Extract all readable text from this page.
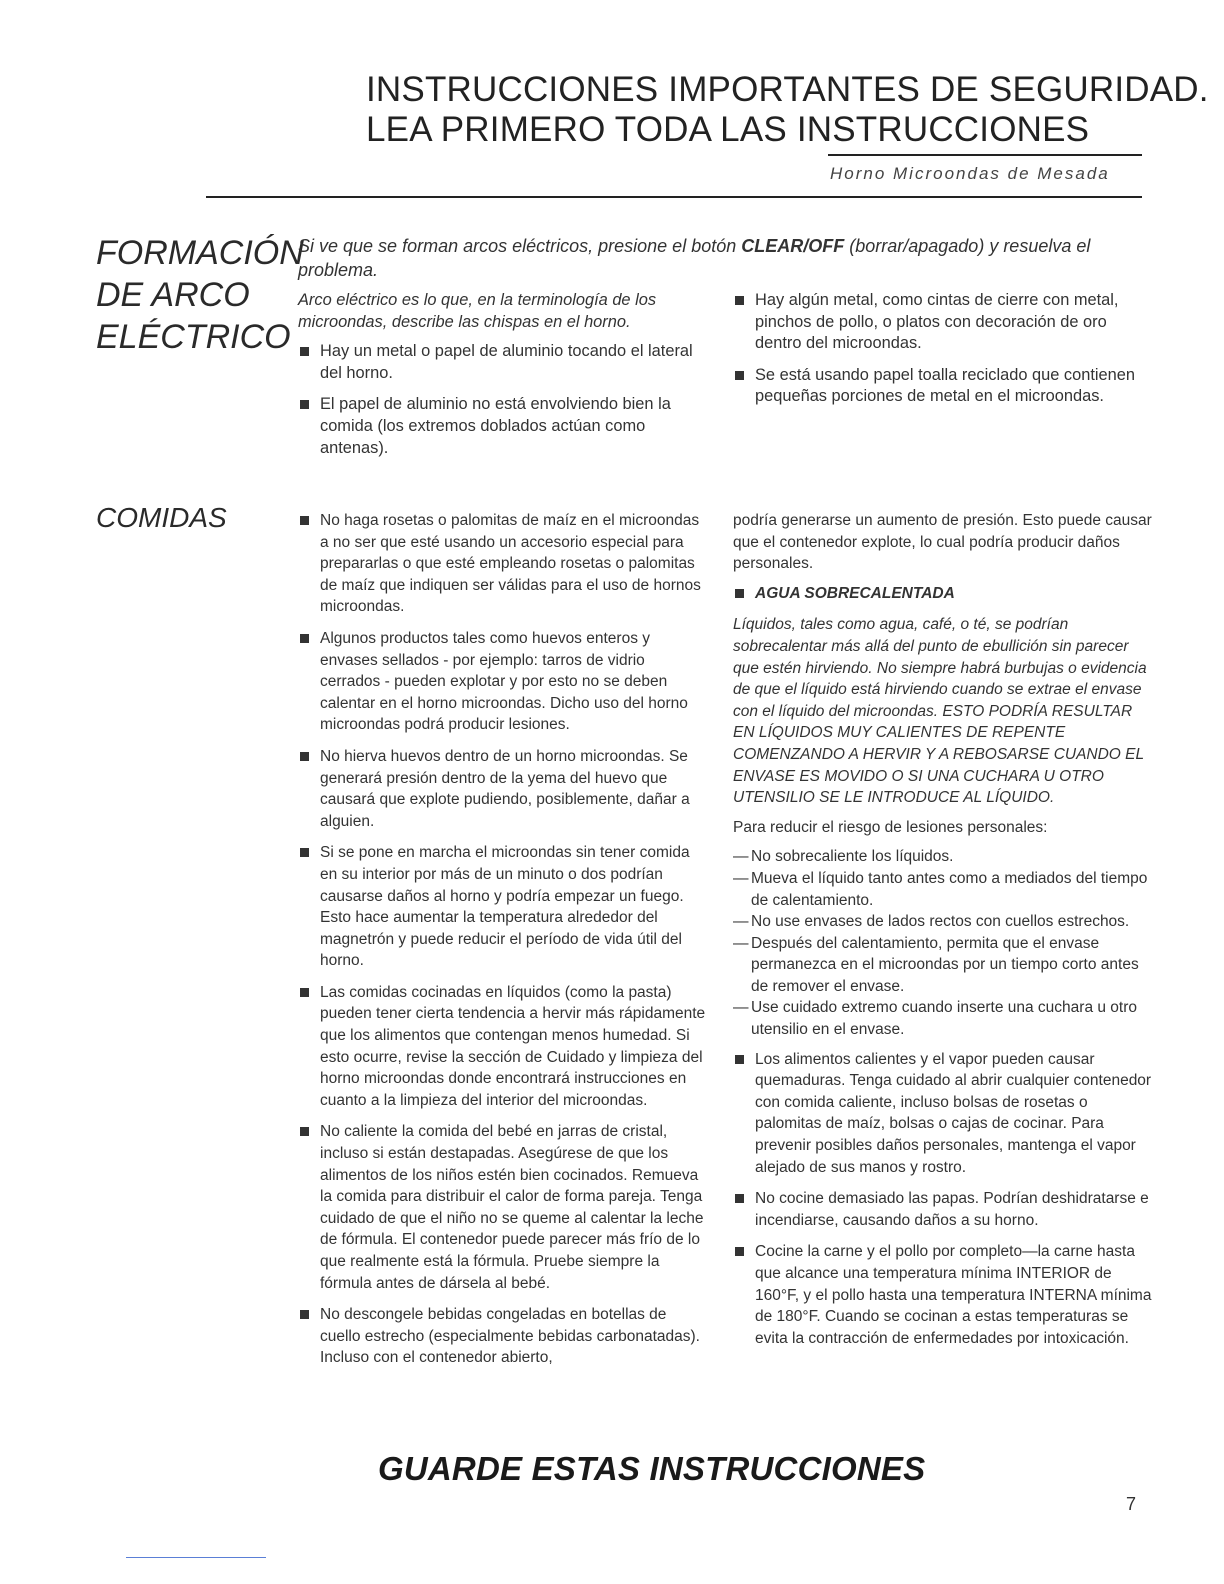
INSTRUCCIONES IMPORTANTES DE SEGURIDAD.
LEA PRIMERO TODA LAS INSTRUCCIONES
Horno Microondas de Mesada
FORMACIÓN
DE ARCO
ELÉCTRICO
Si ve que se forman arcos eléctricos, presione el botón CLEAR/OFF (borrar/apagado) y resuelva el problema.

Arco eléctrico es lo que, en la terminología de los microondas, describe las chispas en el horno.

Hay un metal o papel de aluminio tocando el lateral del horno.
El papel de aluminio no está envolviendo bien la comida (los extremos doblados actúan como antenas).
Hay algún metal, como cintas de cierre con metal, pinchos de pollo, o platos con decoración de oro dentro del microondas.
Se está usando papel toalla reciclado que contienen pequeñas porciones de metal en el microondas.
COMIDAS	No haga rosetas o palomitas de maíz en el microondas a no ser que esté usando un accesorio especial para prepararlas o que esté empleando rosetas o palomitas de maíz que indiquen ser válidas para el uso de hornos microondas.
Algunos productos tales como huevos enteros y envases sellados - por ejemplo: tarros de vidrio cerrados - pueden explotar y por esto no se deben calentar en el horno microondas. Dicho uso del horno microondas podrá producir lesiones.
No hierva huevos dentro de un horno microondas. Se generará presión dentro de la yema del huevo que causará que explote pudiendo, posiblemente, dañar a alguien.
Si se pone en marcha el microondas sin tener comida en su interior por más de un minuto o dos podrían causarse daños al horno y podría empezar un fuego. Esto hace aumentar la temperatura alrededor del magnetrón y puede reducir el período de vida útil del horno.
Las comidas cocinadas en líquidos (como la pasta) pueden tener cierta tendencia a hervir más rápidamente que los alimentos que contengan menos humedad. Si esto ocurre, revise la sección de Cuidado y limpieza del horno microondas donde encontrará instrucciones en cuanto a la limpieza del interior del microondas.
No caliente la comida del bebé en jarras de cristal, incluso si están destapadas. Asegúrese de que los alimentos de los niños estén bien cocinados. Remueva la comida para distribuir el calor de forma pareja. Tenga cuidado de que el niño no se queme al calentar la leche de fórmula. El contenedor puede parecer más frío de lo que realmente está la fórmula. Pruebe siempre la fórmula antes de dársela al bebé.
No descongele bebidas congeladas en botellas de cuello estrecho (especialmente bebidas carbonatadas). Incluso con el contenedor abierto,

podría generarse un aumento de presión. Esto puede causar que el contenedor explote, lo cual podría producir daños personales.

AGUA SOBRECALENTADA

Líquidos, tales como agua, café, o té, se podrían sobrecalentar más allá del punto de ebullición sin parecer que estén hirviendo. No siempre habrá burbujas o evidencia de que el líquido está hirviendo cuando se extrae el envase con el líquido del microondas. ESTO PODRÍA RESULTAR EN LÍQUIDOS MUY CALIENTES DE REPENTE COMENZANDO A HERVIR Y A REBOSARSE CUANDO EL ENVASE ES MOVIDO O SI UNA CUCHARA U OTRO UTENSILIO SE LE INTRODUCE AL LÍQUIDO.

Para reducir el riesgo de lesiones personales:

— No sobrecaliente los líquidos.
— Mueva el líquido tanto antes como a mediados del tiempo de calentamiento.
— No use envases de lados rectos con cuellos estrechos.
— Después del calentamiento, permita que el envase permanezca en el microondas por un tiempo corto antes de remover el envase.
— Use cuidado extremo cuando inserte una cuchara u otro utensilio en el envase.
Los alimentos calientes y el vapor pueden causar quemaduras. Tenga cuidado al abrir cualquier contenedor con comida caliente, incluso bolsas de rosetas o palomitas de maíz, bolsas o cajas de cocinar. Para prevenir posibles daños personales, mantenga el vapor alejado de sus manos y rostro.
No cocine demasiado las papas. Podrían deshidratarse e incendiarse, causando daños a su horno.
Cocine la carne y el pollo por completo—la carne hasta que alcance una temperatura mínima INTERIOR de 160°F, y el pollo hasta una temperatura INTERNA mínima de 180°F. Cuando se cocinan a estas temperaturas se evita la contracción de enfermedades por intoxicación.
GUARDE ESTAS INSTRUCCIONES
7
